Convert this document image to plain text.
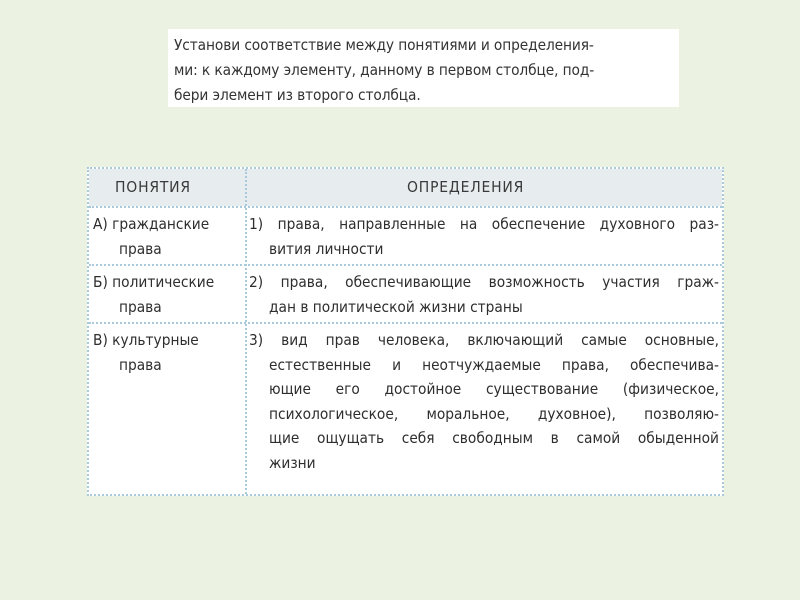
Установи соответствие между понятиями и определения-
ми: к каждому элементу, данному в первом столбце, под-
бери элемент из второго столбца.
ПОНЯТИЯ	ОПРЕДЕЛЕНИЯ
А) гражданские
права
1) права, направленные на обеспечение духовного раз-
вития личности
Б) политические
права
2) права, обеспечивающие возможность участия граж-
дан в политической жизни страны
В) культурные
права
3) вид прав человека, включающий самые основные,
естественные и неотчуждаемые права, обеспечива-
ющие его достойное существование (физическое,
психологическое, моральное, духовное), позволяю-
щие ощущать себя свободным в самой обыденной
жизни
